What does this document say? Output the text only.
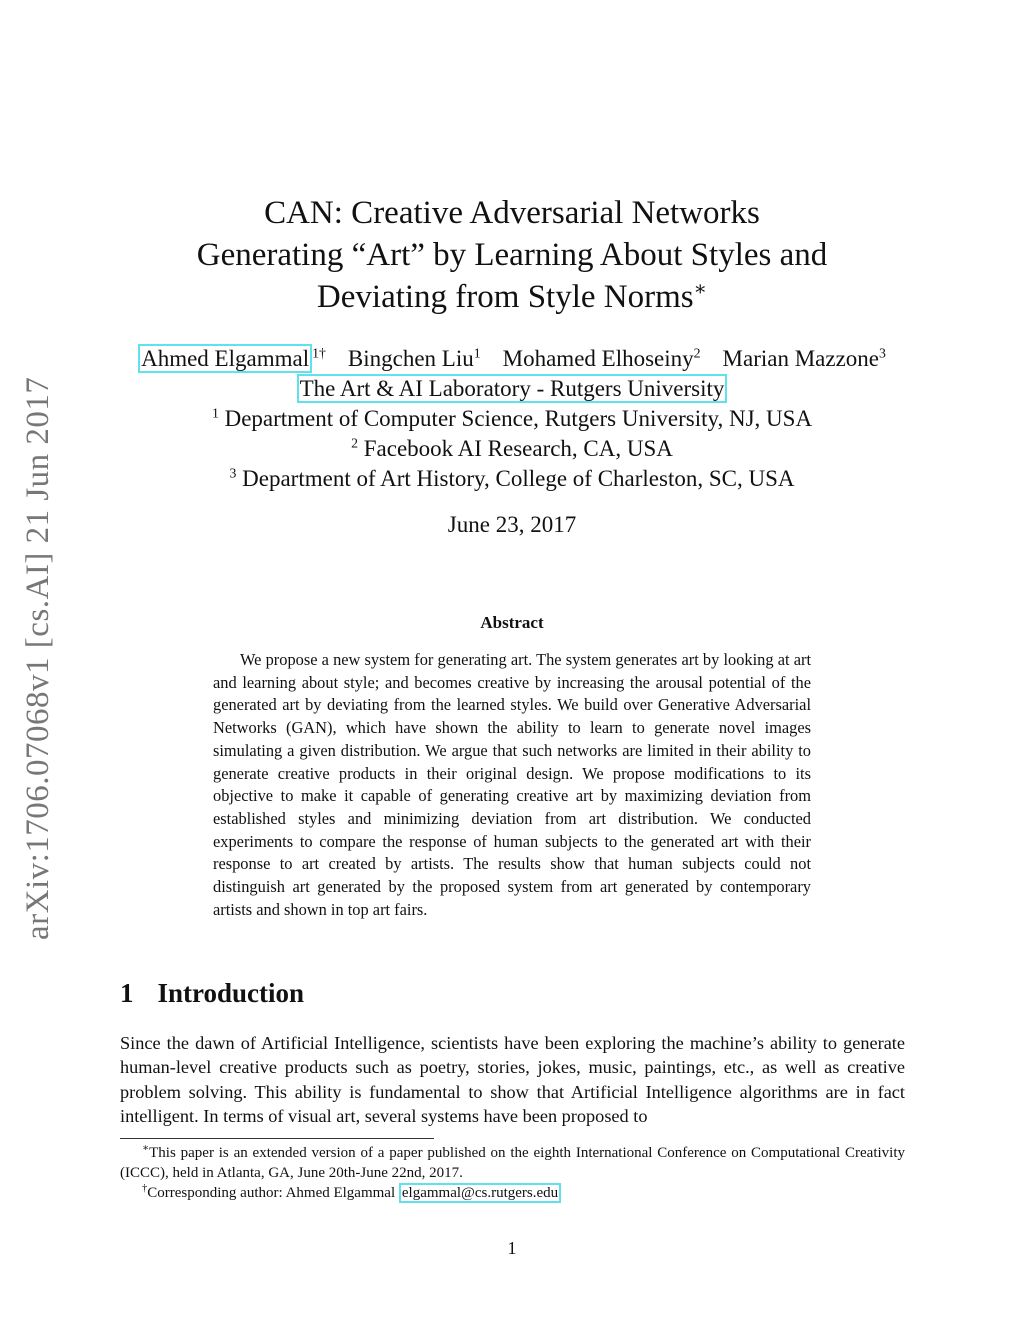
arXiv:1706.07068v1 [cs.AI] 21 Jun 2017
CAN: Creative Adversarial Networks
Generating “Art” by Learning About Styles and
Deviating from Style Norms∗
Ahmed Elgammal $^{1\dagger}$ Bingchen Liu$^1$ Mohamed Elhoseiny$^2$ Marian Mazzone$^3$
The Art & AI Laboratory - Rutgers University
$^1$ Department of Computer Science, Rutgers University, NJ, USA
$^2$ Facebook AI Research, CA, USA
$^3$ Department of Art History, College of Charleston, SC, USA
June 23, 2017
Abstract
We propose a new system for generating art. The system generates art by looking at art and learning about style; and becomes creative by increasing the arousal potential of the generated art by deviating from the learned styles. We build over Generative Adversarial Networks (GAN), which have shown the ability to learn to generate novel images simulating a given distribution. We argue that such networks are limited in their ability to generate creative products in their original design. We propose modifications to its objective to make it capable of generating creative art by maximizing deviation from established styles and minimizing deviation from art distribution. We conducted experiments to compare the response of human subjects to the generated art with their response to art created by artists. The results show that human subjects could not distinguish art generated by the proposed system from art generated by contemporary artists and shown in top art fairs.
1 Introduction
Since the dawn of Artificial Intelligence, scientists have been exploring the machine’s ability to generate human-level creative products such as poetry, stories, jokes, music, paintings, etc., as well as creative problem solving. This ability is fundamental to show that Artificial Intelligence algorithms are in fact intelligent. In terms of visual art, several systems have been proposed to
∗This paper is an extended version of a paper published on the eighth International Conference on Computational Creativity (ICCC), held in Atlanta, GA, June 20th-June 22nd, 2017.
†Corresponding author: Ahmed Elgammal elgammal@cs.rutgers.edu
1
